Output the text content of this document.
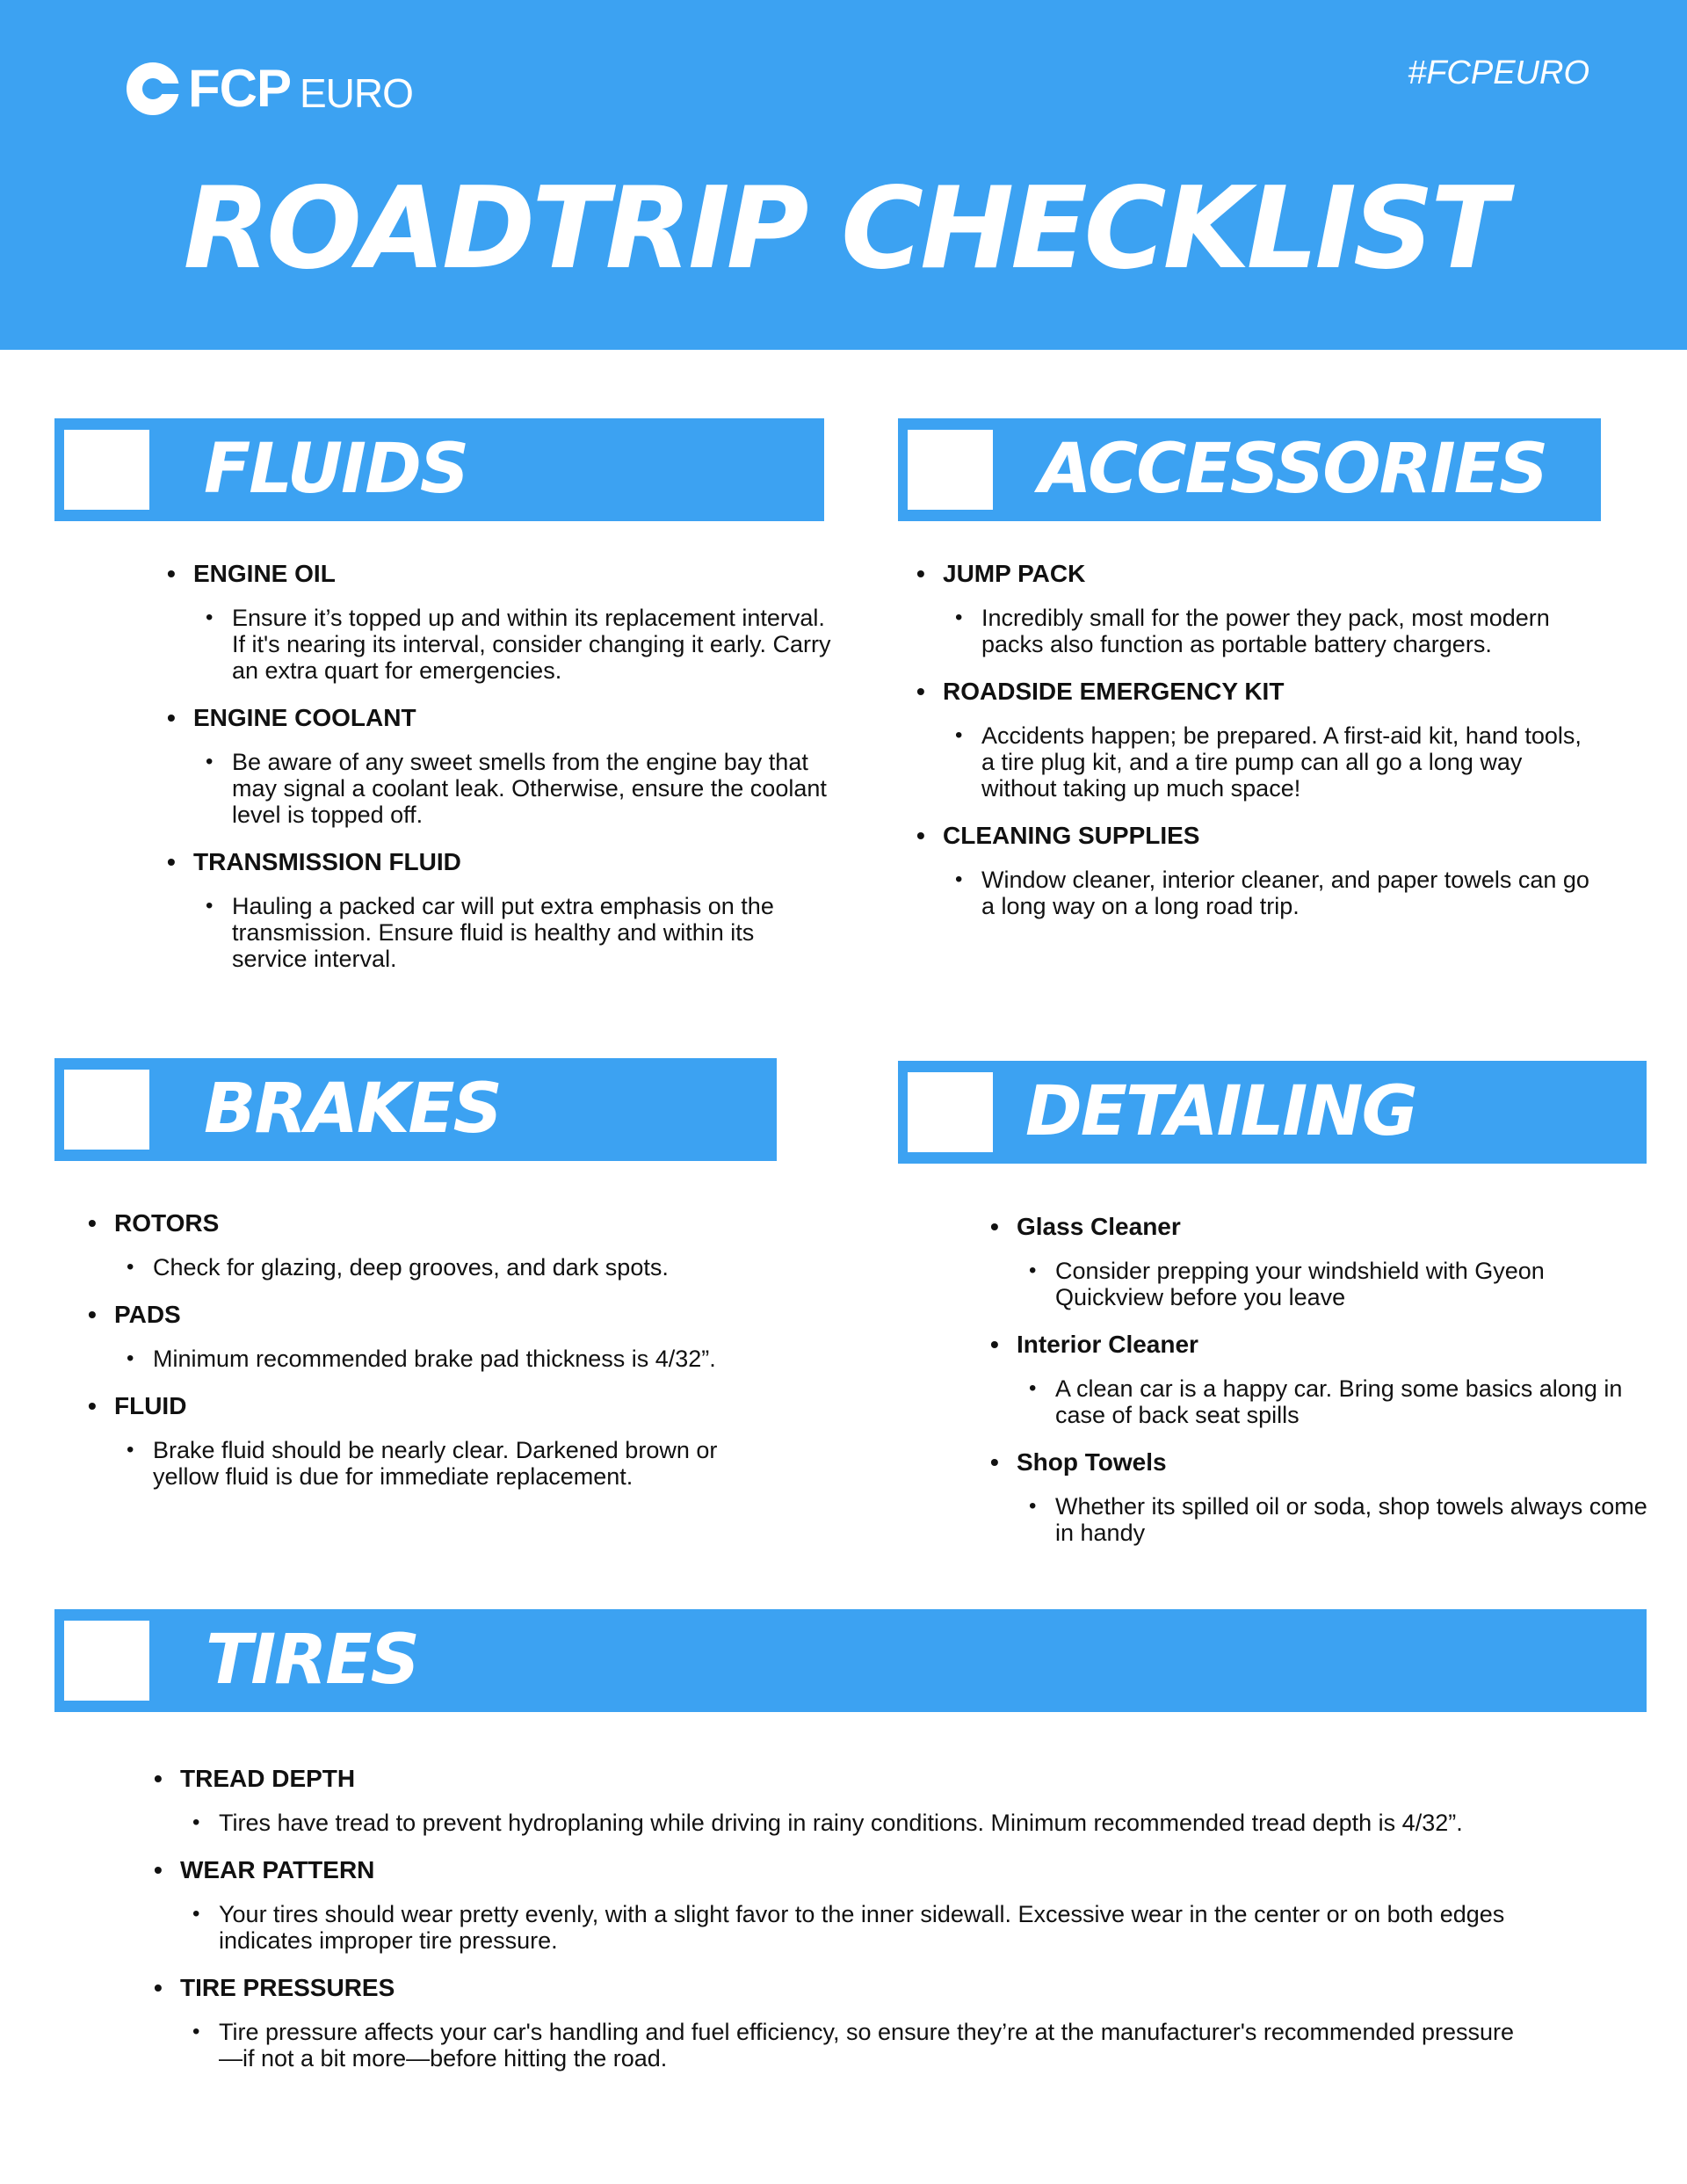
FCP EURO	#FCPEURO
ROADTRIP CHECKLIST
FLUIDS
• ENGINE OIL
• Ensure it’s topped up and within its replacement interval. If it's nearing its interval, consider changing it early. Carry an extra quart for emergencies.
• ENGINE COOLANT
• Be aware of any sweet smells from the engine bay that may signal a coolant leak. Otherwise, ensure the coolant level is topped off.
• TRANSMISSION FLUID
• Hauling a packed car will put extra emphasis on the transmission. Ensure fluid is healthy and within its service interval.
ACCESSORIES
• JUMP PACK
• Incredibly small for the power they pack, most modern packs also function as portable battery chargers.
• ROADSIDE EMERGENCY KIT
• Accidents happen; be prepared. A first-aid kit, hand tools, a tire plug kit, and a tire pump can all go a long way without taking up much space!
• CLEANING SUPPLIES
• Window cleaner, interior cleaner, and paper towels can go a long way on a long road trip.
BRAKES
• ROTORS
• Check for glazing, deep grooves, and dark spots.
• PADS
• Minimum recommended brake pad thickness is 4/32”.
• FLUID
• Brake fluid should be nearly clear. Darkened brown or yellow fluid is due for immediate replacement.
DETAILING
• Glass Cleaner
• Consider prepping your windshield with Gyeon Quickview before you leave
• Interior Cleaner
• A clean car is a happy car. Bring some basics along in case of back seat spills
• Shop Towels
• Whether its spilled oil or soda, shop towels always come in handy
TIRES
• TREAD DEPTH
• Tires have tread to prevent hydroplaning while driving in rainy conditions. Minimum recommended tread depth is 4/32”.
• WEAR PATTERN
• Your tires should wear pretty evenly, with a slight favor to the inner sidewall. Excessive wear in the center or on both edges indicates improper tire pressure.
• TIRE PRESSURES
• Tire pressure affects your car's handling and fuel efficiency, so ensure they’re at the manufacturer's recommended pressure—if not a bit more—before hitting the road.
